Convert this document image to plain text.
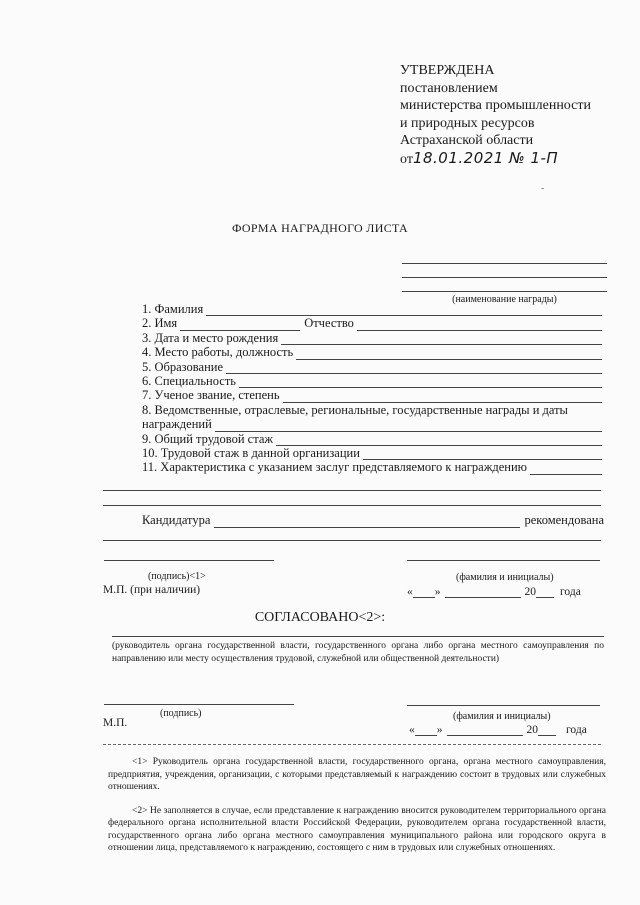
УТВЕРЖДЕНА
постановлением
министерства промышленности
и природных ресурсов
Астраханской области
от18.01.2021 № 1-П
-
ФОРМА НАГРАДНОГО ЛИСТА
(наименование награды)
1. Фамилия
2. Имя	Отчество
3. Дата и место рождения
4. Место работы, должность
5. Образование
6. Специальность
7. Ученое звание, степень
8. Ведомственные, отраслевые, региональные, государственные награды и даты
награждений
9. Общий трудовой стаж
10. Трудовой стаж в данной организации
11. Характеристика с указанием заслуг представляемого к награждению
Кандидатура	рекомендована
(подпись)<1>
М.П. (при наличии)
(фамилия и инициалы)
« »	20 года
СОГЛАСОВАНО<2>:
(руководитель органа государственной власти, государственного органа либо органа местного самоуправления по направлению или месту осуществления трудовой, служебной или общественной деятельности)
(подпись)
М.П.
(фамилия и инициалы)
« »	20 года

<1> Руководитель органа государственной власти, государственного органа, органа местного самоуправления, предприятия, учреждения, организации, с которыми представляемый к награждению состоит в трудовых или служебных отношениях.

<2> Не заполняется в случае, если представление к награждению вносится руководителем территориального органа федерального органа исполнительной власти Российской Федерации, руководителем органа государственной власти, государственного органа либо органа местного самоуправления муниципального района или городского округа в отношении лица, представляемого к награждению, состоящего с ним в трудовых или служебных отношениях.
